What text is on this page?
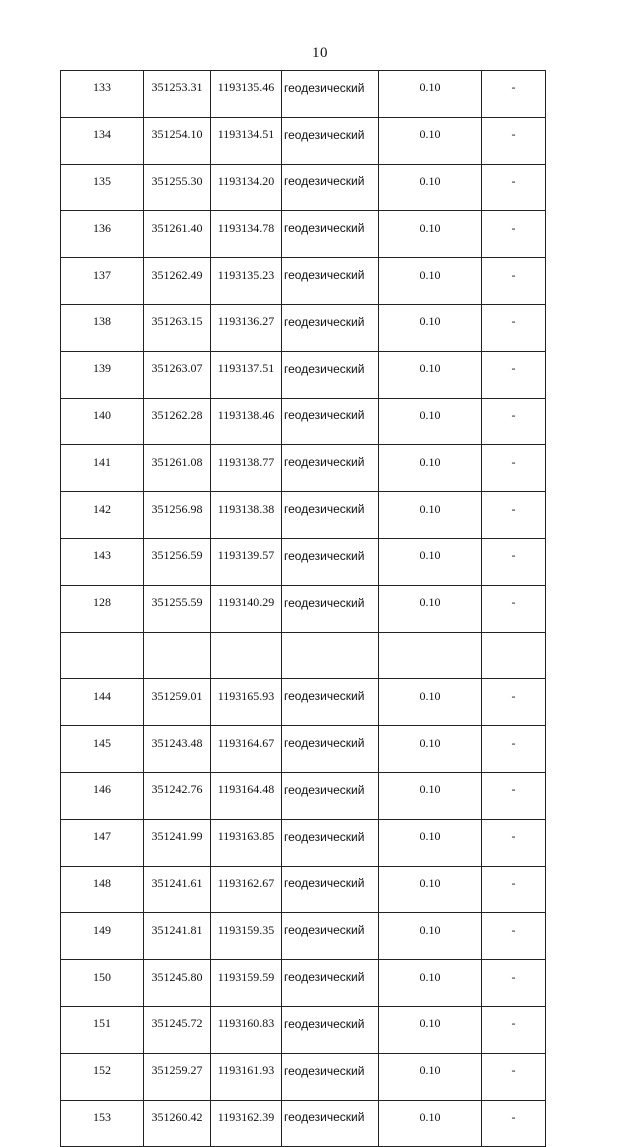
10
133	351253.31	1193135.46	геодезический	0.10	-
134	351254.10	1193134.51	геодезический	0.10	-
135	351255.30	1193134.20	геодезический	0.10	-
136	351261.40	1193134.78	геодезический	0.10	-
137	351262.49	1193135.23	геодезический	0.10	-
138	351263.15	1193136.27	геодезический	0.10	-
139	351263.07	1193137.51	геодезический	0.10	-
140	351262.28	1193138.46	геодезический	0.10	-
141	351261.08	1193138.77	геодезический	0.10	-
142	351256.98	1193138.38	геодезический	0.10	-
143	351256.59	1193139.57	геодезический	0.10	-
128	351255.59	1193140.29	геодезический	0.10	-

144	351259.01	1193165.93	геодезический	0.10	-
145	351243.48	1193164.67	геодезический	0.10	-
146	351242.76	1193164.48	геодезический	0.10	-
147	351241.99	1193163.85	геодезический	0.10	-
148	351241.61	1193162.67	геодезический	0.10	-
149	351241.81	1193159.35	геодезический	0.10	-
150	351245.80	1193159.59	геодезический	0.10	-
151	351245.72	1193160.83	геодезический	0.10	-
152	351259.27	1193161.93	геодезический	0.10	-
153	351260.42	1193162.39	геодезический	0.10	-
